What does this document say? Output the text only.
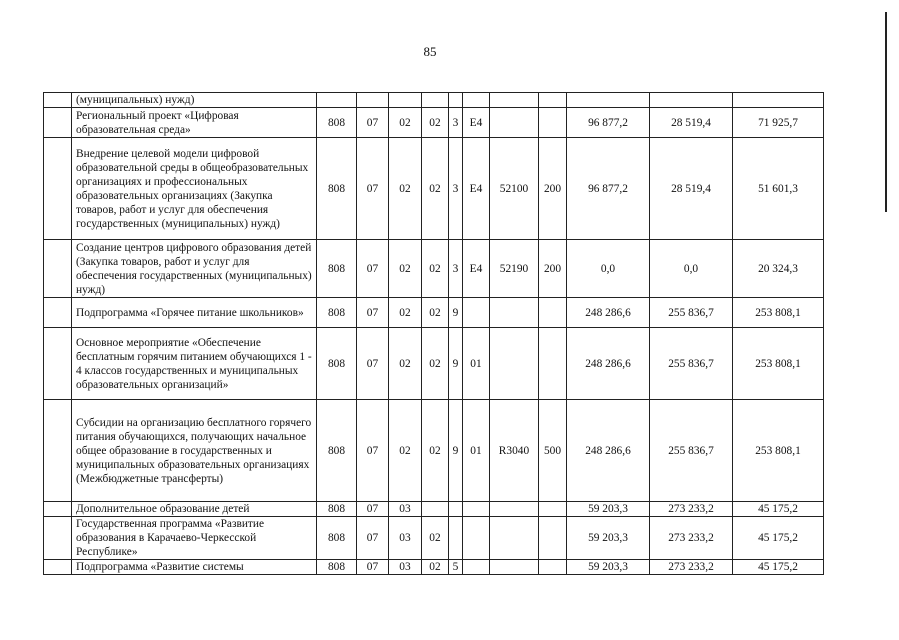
85
	(муниципальных) нужд)											
	Региональный проект «Цифровая образовательная среда»	808	07	02	02	3	E4			96 877,2	28 519,4	71 925,7
	Внедрение целевой модели цифровой образовательной среды в общеобразовательных организациях и профессиональных образовательных организациях (Закупка товаров, работ и услуг для обеспечения государственных (муниципальных) нужд)	808	07	02	02	3	E4	52100	200	96 877,2	28 519,4	51 601,3
	Создание центров цифрового образования детей (Закупка товаров, работ и услуг для обеспечения государственных (муниципальных) нужд)	808	07	02	02	3	E4	52190	200	0,0	0,0	20 324,3
	Подпрограмма «Горячее питание школьников»	808	07	02	02	9				248 286,6	255 836,7	253 808,1
	Основное мероприятие «Обеспечение бесплатным горячим питанием обучающихся 1 - 4 классов государственных и муниципальных образовательных организаций»	808	07	02	02	9	01			248 286,6	255 836,7	253 808,1
	Субсидии на организацию бесплатного горячего питания обучающихся, получающих начальное общее образование в государственных и муниципальных образовательных организациях (Межбюджетные трансферты)	808	07	02	02	9	01	R3040	500	248 286,6	255 836,7	253 808,1
	Дополнительное образование детей	808	07	03						59 203,3	273 233,2	45 175,2
	Государственная программа «Развитие образования в Карачаево-Черкесской Республике»	808	07	03	02					59 203,3	273 233,2	45 175,2
	Подпрограмма «Развитие системы	808	07	03	02	5				59 203,3	273 233,2	45 175,2
